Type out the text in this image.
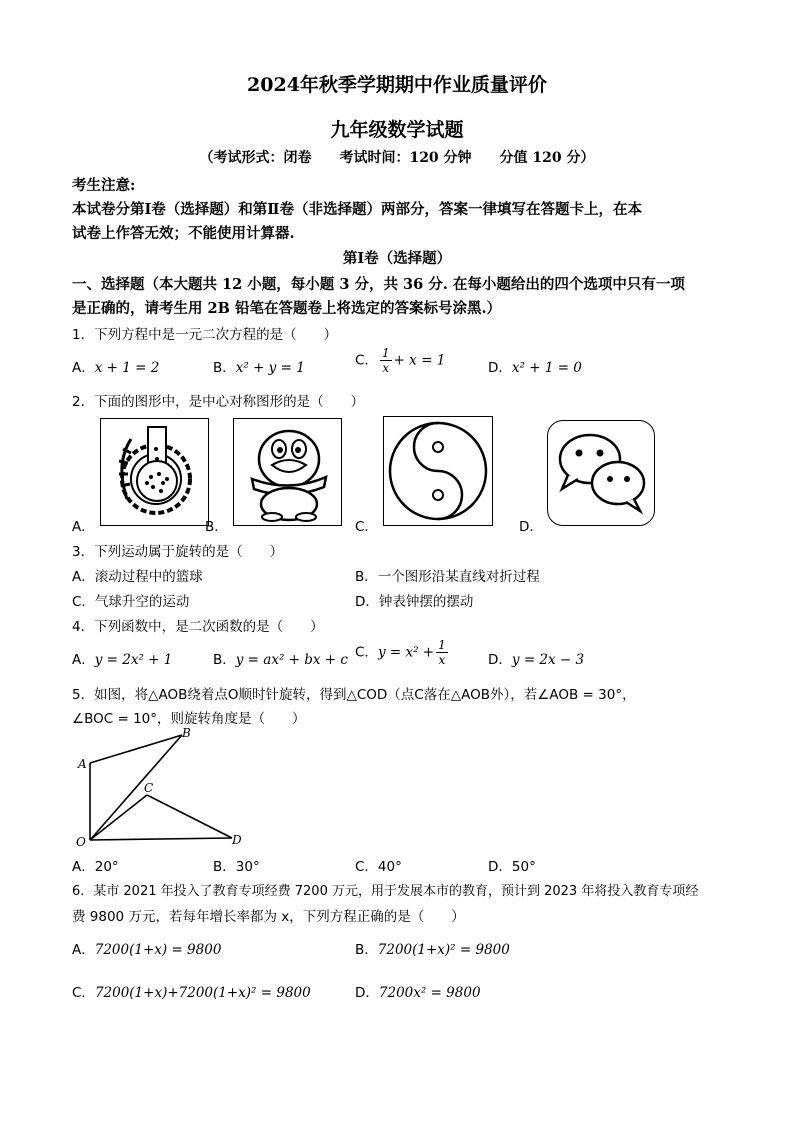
2024年秋季学期期中作业质量评价
九年级数学试题
（考试形式：闭卷　　考试时间：120 分钟　　分值 120 分）
考生注意:
本试卷分第Ⅰ卷（选择题）和第Ⅱ卷（非选择题）两部分，答案一律填写在答题卡上，在本
试卷上作答无效；不能使用计算器.
第Ⅰ卷（选择题）
一、选择题（本大题共 12 小题，每小题 3 分，共 36 分. 在每小题给出的四个选项中只有一项
是正确的，请考生用 2B 铅笔在答题卷上将选定的答案标号涂黑.）
1．下列方程中是一元二次方程的是（　　）
A．x + 1 = 2	B．x² + y = 1	C． $\frac{1}{x} + x = 1$	D．x² + 1 = 0
2．下面的图形中，是中心对称图形的是（　　）
A．	B．	C．	D．
3．下列运动属于旋转的是（　　）
A．滚动过程中的篮球	B．一个图形沿某直线对折过程
C．气球升空的运动	D．钟表钟摆的摆动
4．下列函数中，是二次函数的是（　　）
A．y = 2x² + 1	B．y = ax² + bx + c C．$y = x^2 + \frac{1}{x}$	D．y = 2x − 3
5．如图，将△AOB绕着点O顺时针旋转，得到△COD（点C落在△AOB外），若∠AOB = 30°，
∠BOC = 10°，则旋转角度是（　　）
A
B
C
O	D
A．20°	B．30°	C．40°	D．50°
6．某市 2021 年投入了教育专项经费 7200 万元，用于发展本市的教育，预计到 2023 年将投入教育专项经
费 9800 万元，若每年增长率都为 x，下列方程正确的是（　　）
A．7200(1+x) = 9800	B．7200(1+x)² = 9800
C．7200(1+x)+7200(1+x)² = 9800	D．7200x² = 9800
